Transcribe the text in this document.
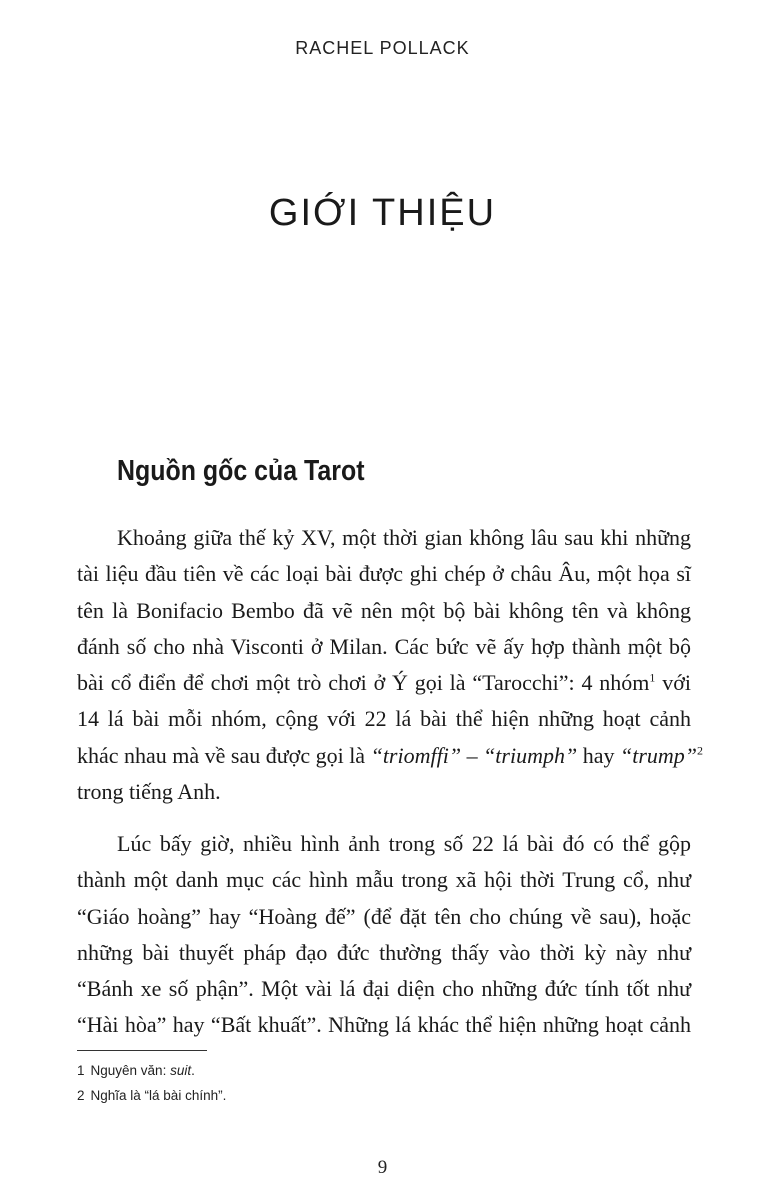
RACHEL POLLACK
GIỚI THIỆU
Nguồn gốc của Tarot
Khoảng giữa thế kỷ XV, một thời gian không lâu sau khi những
tài liệu đầu tiên về các loại bài được ghi chép ở châu Âu, một họa sĩ
tên là Bonifacio Bembo đã vẽ nên một bộ bài không tên và không
đánh số cho nhà Visconti ở Milan. Các bức vẽ ấy hợp thành một bộ
bài cổ điển để chơi một trò chơi ở Ý gọi là “Tarocchi”: 4 nhóm$^1$ với
14 lá bài mỗi nhóm, cộng với 22 lá bài thể hiện những hoạt cảnh
khác nhau mà về sau được gọi là “triomffi” – “triumph” hay “trump”$^2$
trong tiếng Anh.
Lúc bấy giờ, nhiều hình ảnh trong số 22 lá bài đó có thể gộp
thành một danh mục các hình mẫu trong xã hội thời Trung cổ, như
“Giáo hoàng” hay “Hoàng đế” (để đặt tên cho chúng về sau), hoặc
những bài thuyết pháp đạo đức thường thấy vào thời kỳ này như
“Bánh xe số phận”. Một vài lá đại diện cho những đức tính tốt như
“Hài hòa” hay “Bất khuất”. Những lá khác thể hiện những hoạt cảnh
1 Nguyên văn: suit.
2 Nghĩa là “lá bài chính”.
9
